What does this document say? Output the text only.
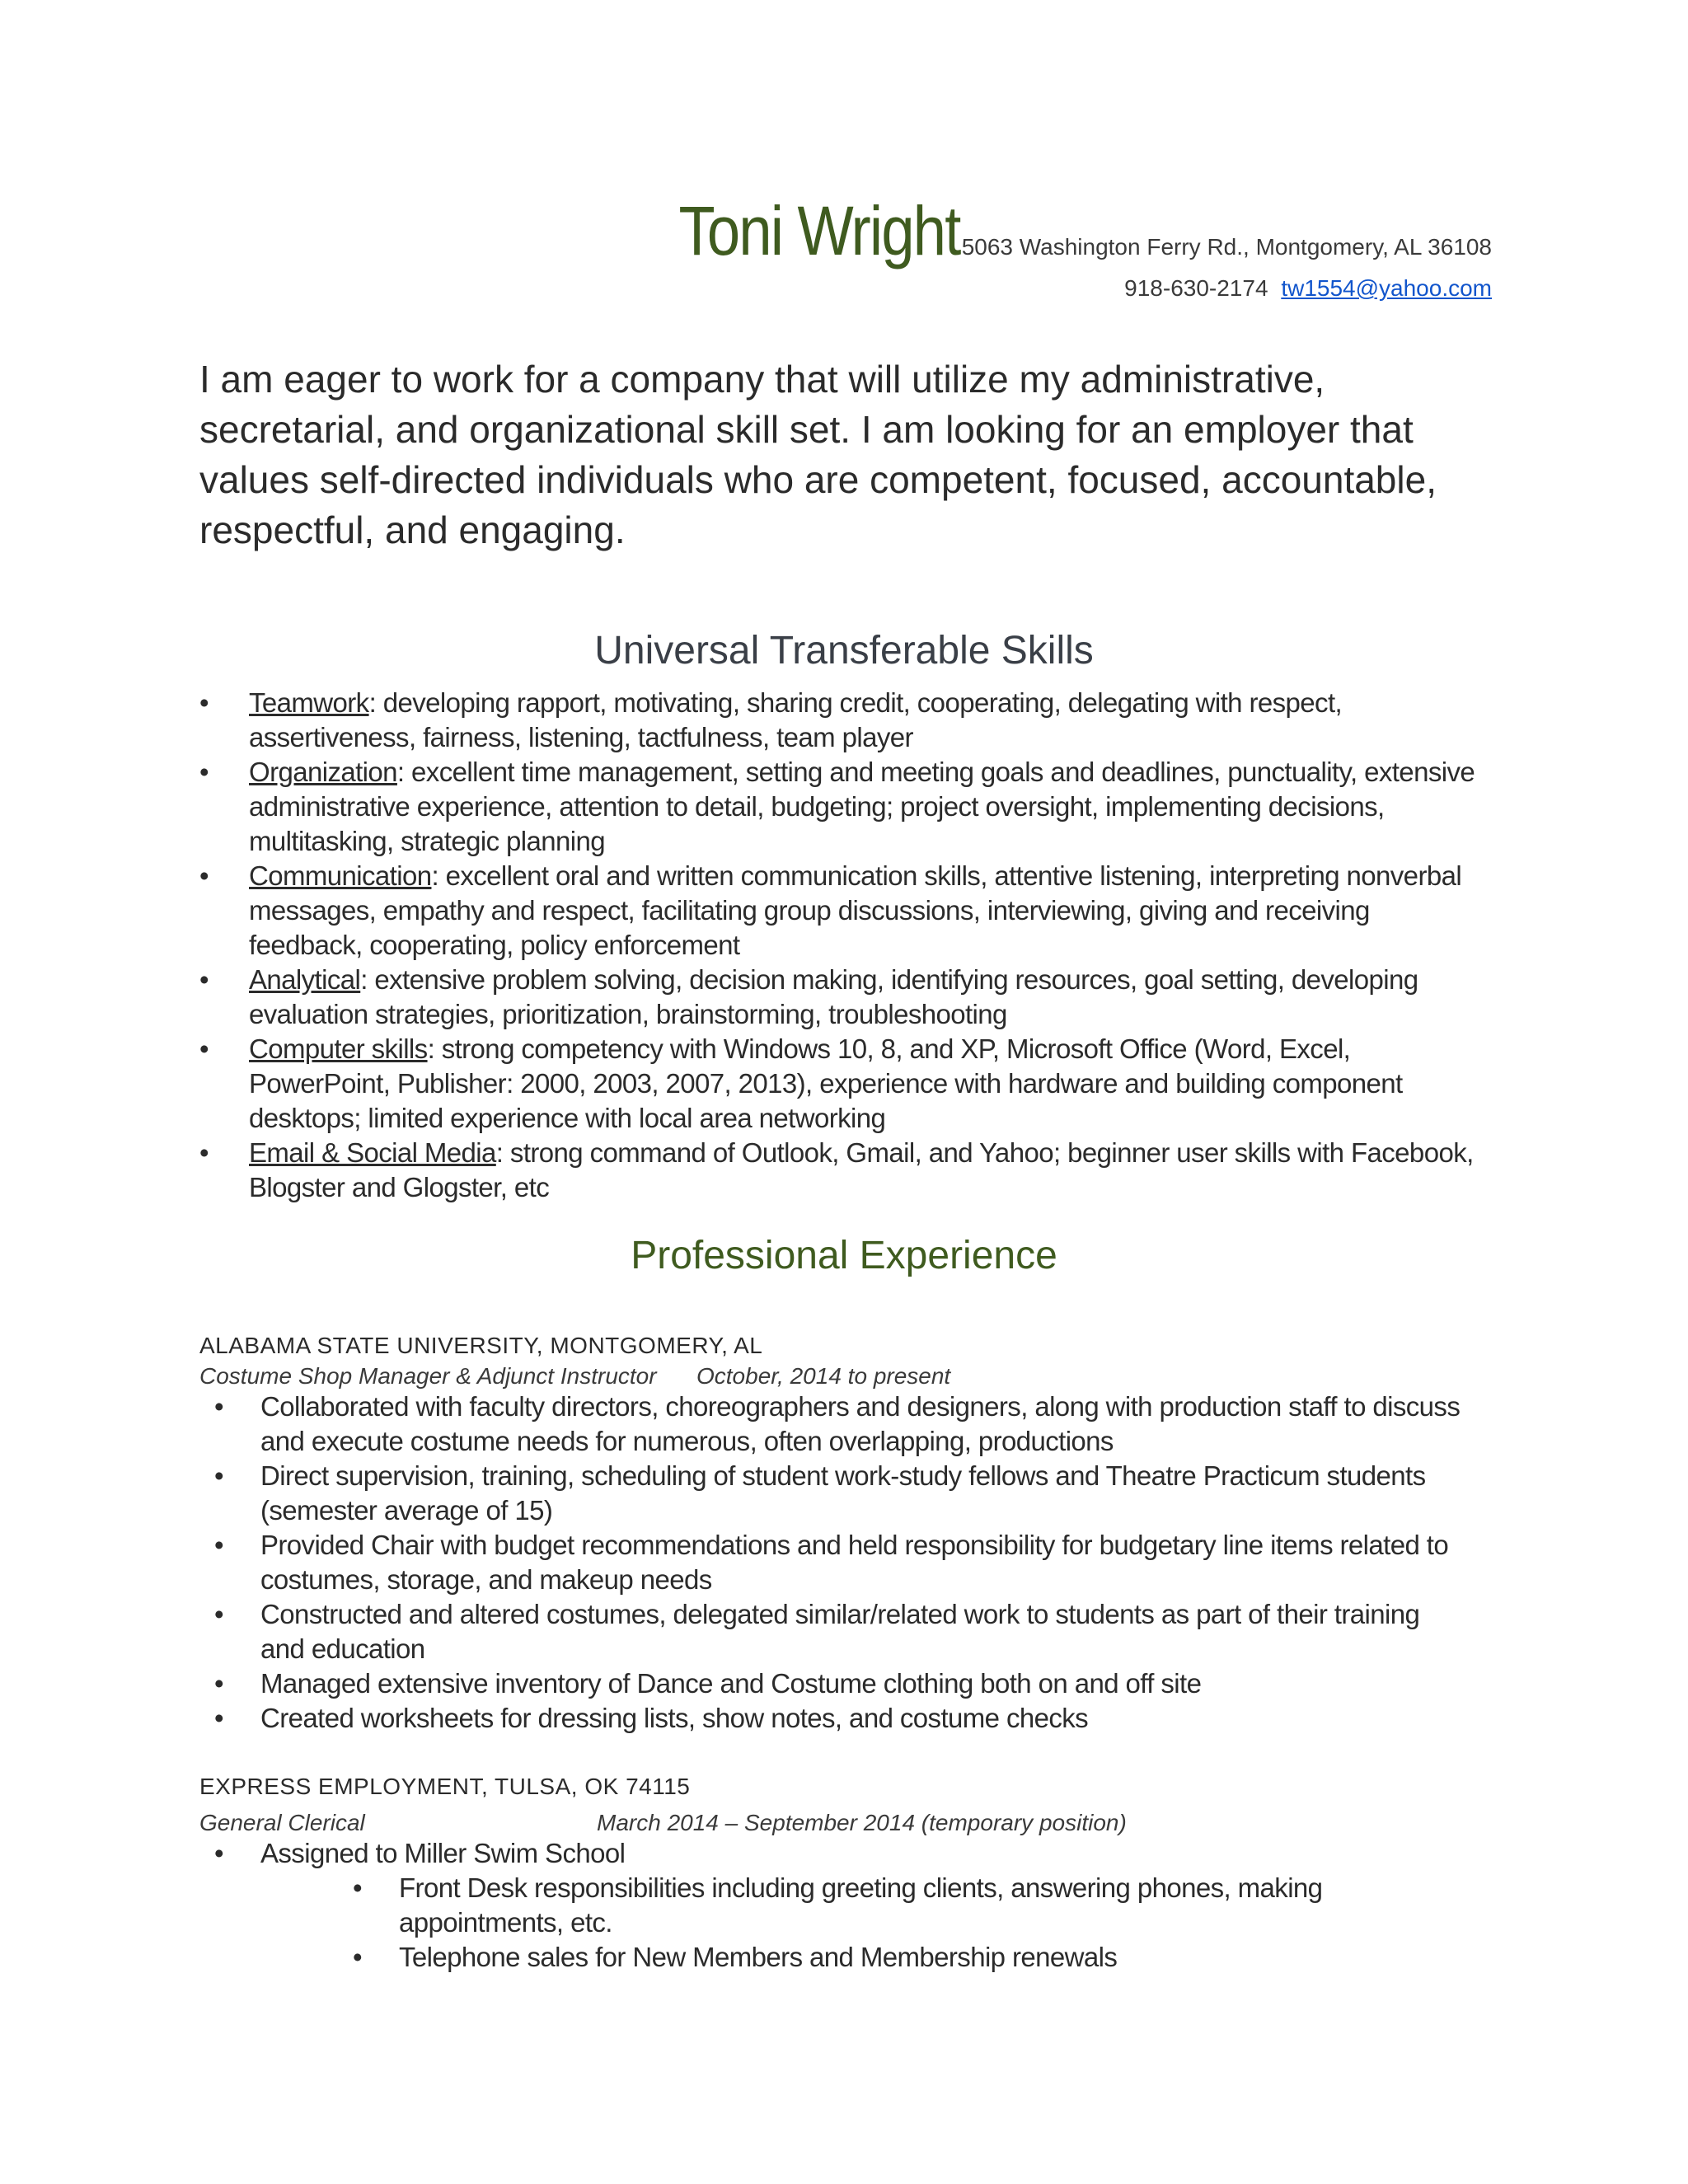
Toni Wright 5063 Washington Ferry Rd., Montgomery, AL 36108
918-630-2174 tw1554@yahoo.com
I am eager to work for a company that will utilize my administrative, secretarial, and organizational skill set. I am looking for an employer that values self-directed individuals who are competent, focused, accountable, respectful, and engaging.
Universal Transferable Skills
•	Teamwork: developing rapport, motivating, sharing credit, cooperating, delegating with respect, assertiveness, fairness, listening, tactfulness, team player
•	Organization: excellent time management, setting and meeting goals and deadlines, punctuality, extensive administrative experience, attention to detail, budgeting; project oversight, implementing decisions, multitasking, strategic planning
•	Communication: excellent oral and written communication skills, attentive listening, interpreting nonverbal messages, empathy and respect, facilitating group discussions, interviewing, giving and receiving feedback, cooperating, policy enforcement
•	Analytical: extensive problem solving, decision making, identifying resources, goal setting, developing evaluation strategies, prioritization, brainstorming, troubleshooting
•	Computer skills: strong competency with Windows 10, 8, and XP, Microsoft Office (Word, Excel, PowerPoint, Publisher: 2000, 2003, 2007, 2013), experience with hardware and building component desktops; limited experience with local area networking
•	Email & Social Media: strong command of Outlook, Gmail, and Yahoo; beginner user skills with Facebook, Blogster and Glogster, etc
Professional Experience
ALABAMA STATE UNIVERSITY, MONTGOMERY, AL
Costume Shop Manager & Adjunct Instructor October, 2014 to present
• Collaborated with faculty directors, choreographers and designers, along with production staff to discuss and execute costume needs for numerous, often overlapping, productions
• Direct supervision, training, scheduling of student work-study fellows and Theatre Practicum students (semester average of 15)
• Provided Chair with budget recommendations and held responsibility for budgetary line items related to costumes, storage, and makeup needs
• Constructed and altered costumes, delegated similar/related work to students as part of their training and education
• Managed extensive inventory of Dance and Costume clothing both on and off site
• Created worksheets for dressing lists, show notes, and costume checks
EXPRESS EMPLOYMENT, TULSA, OK 74115
General Clerical	March 2014 – September 2014 (temporary position)
• Assigned to Miller Swim School
• Front Desk responsibilities including greeting clients, answering phones, making appointments, etc.
• Telephone sales for New Members and Membership renewals
